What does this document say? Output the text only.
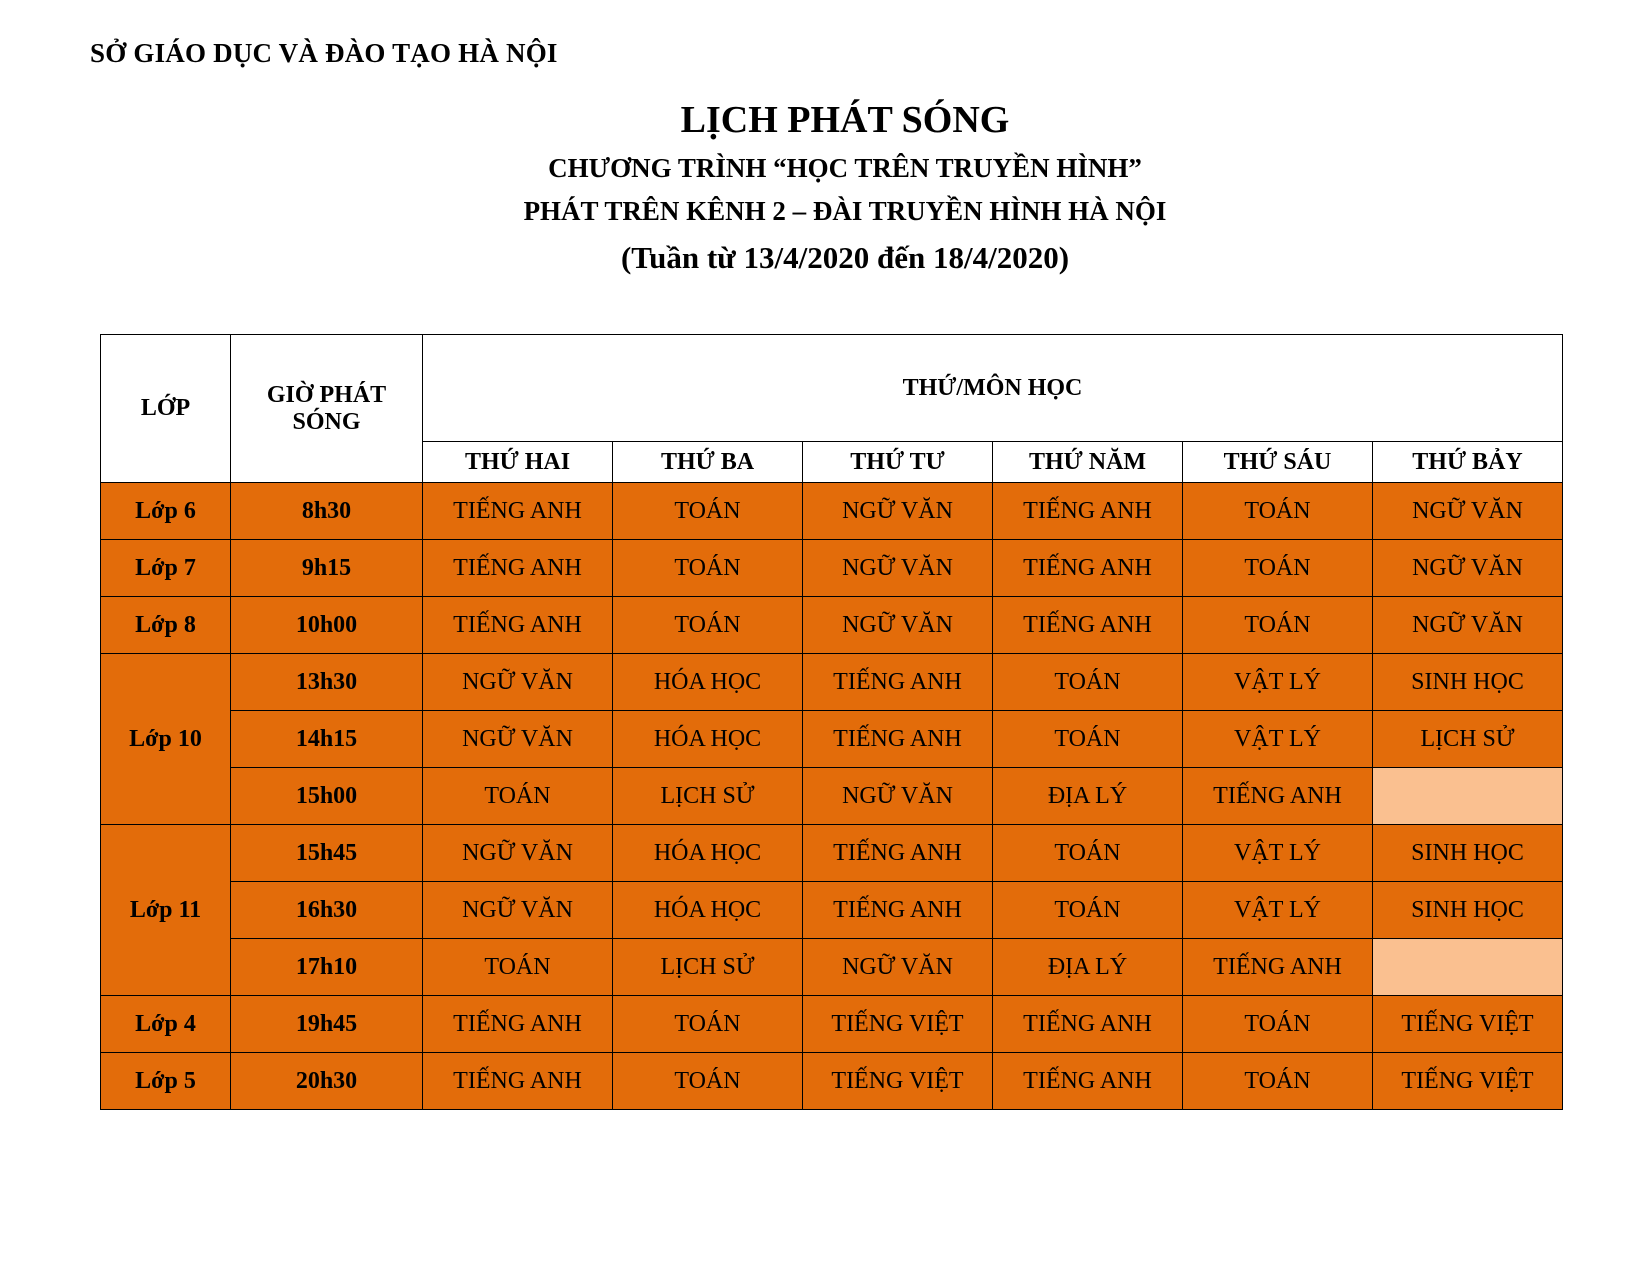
SỞ GIÁO DỤC VÀ ĐÀO TẠO HÀ NỘI
LỊCH PHÁT SÓNG
CHƯƠNG TRÌNH “HỌC TRÊN TRUYỀN HÌNH”
PHÁT TRÊN KÊNH 2 – ĐÀI TRUYỀN HÌNH HÀ NỘI
(Tuần từ 13/4/2020 đến 18/4/2020)
LỚP	GIỜ PHÁT SÓNG	THỨ/MÔN HỌC					
		THỨ HAI	THỨ BA	THỨ TƯ	THỨ NĂM	THỨ SÁU	THỨ BẢY
Lớp 6	8h30	TIẾNG ANH	TOÁN	NGỮ VĂN	TIẾNG ANH	TOÁN	NGỮ VĂN
Lớp 7	9h15	TIẾNG ANH	TOÁN	NGỮ VĂN	TIẾNG ANH	TOÁN	NGỮ VĂN
Lớp 8	10h00	TIẾNG ANH	TOÁN	NGỮ VĂN	TIẾNG ANH	TOÁN	NGỮ VĂN
Lớp 10	13h30	NGỮ VĂN	HÓA HỌC	TIẾNG ANH	TOÁN	VẬT LÝ	SINH HỌC
	14h15	NGỮ VĂN	HÓA HỌC	TIẾNG ANH	TOÁN	VẬT LÝ	LỊCH SỬ
	15h00	TOÁN	LỊCH SỬ	NGỮ VĂN	ĐỊA LÝ	TIẾNG ANH	
Lớp 11	15h45	NGỮ VĂN	HÓA HỌC	TIẾNG ANH	TOÁN	VẬT LÝ	SINH HỌC
	16h30	NGỮ VĂN	HÓA HỌC	TIẾNG ANH	TOÁN	VẬT LÝ	SINH HỌC
	17h10	TOÁN	LỊCH SỬ	NGỮ VĂN	ĐỊA LÝ	TIẾNG ANH	
Lớp 4	19h45	TIẾNG ANH	TOÁN	TIẾNG VIỆT	TIẾNG ANH	TOÁN	TIẾNG VIỆT
Lớp 5	20h30	TIẾNG ANH	TOÁN	TIẾNG VIỆT	TIẾNG ANH	TOÁN	TIẾNG VIỆT
